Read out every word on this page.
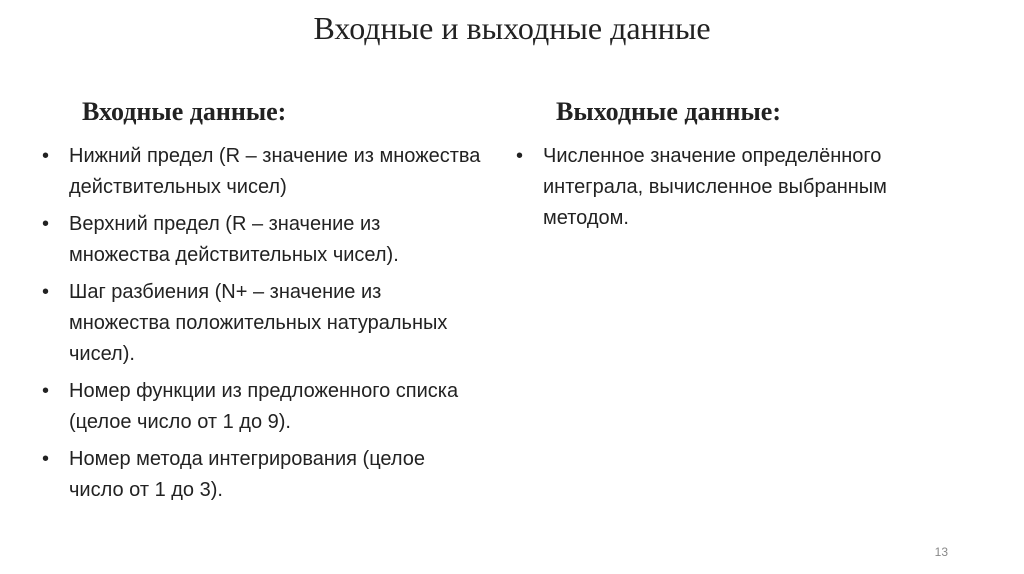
Входные и выходные данные
Входные данные:	Выходные данные:
• Нижний предел (R – значение из множества действительных чисел)
• Верхний предел (R – значение из множества действительных чисел).
• Шаг разбиения (N+ – значение из множества положительных натуральных чисел).
• Номер функции из предложенного списка (целое число от 1 до 9).
• Номер метода интегрирования (целое число от 1 до 3).
• Численное значение определённого интеграла, вычисленное выбранным методом.
13
